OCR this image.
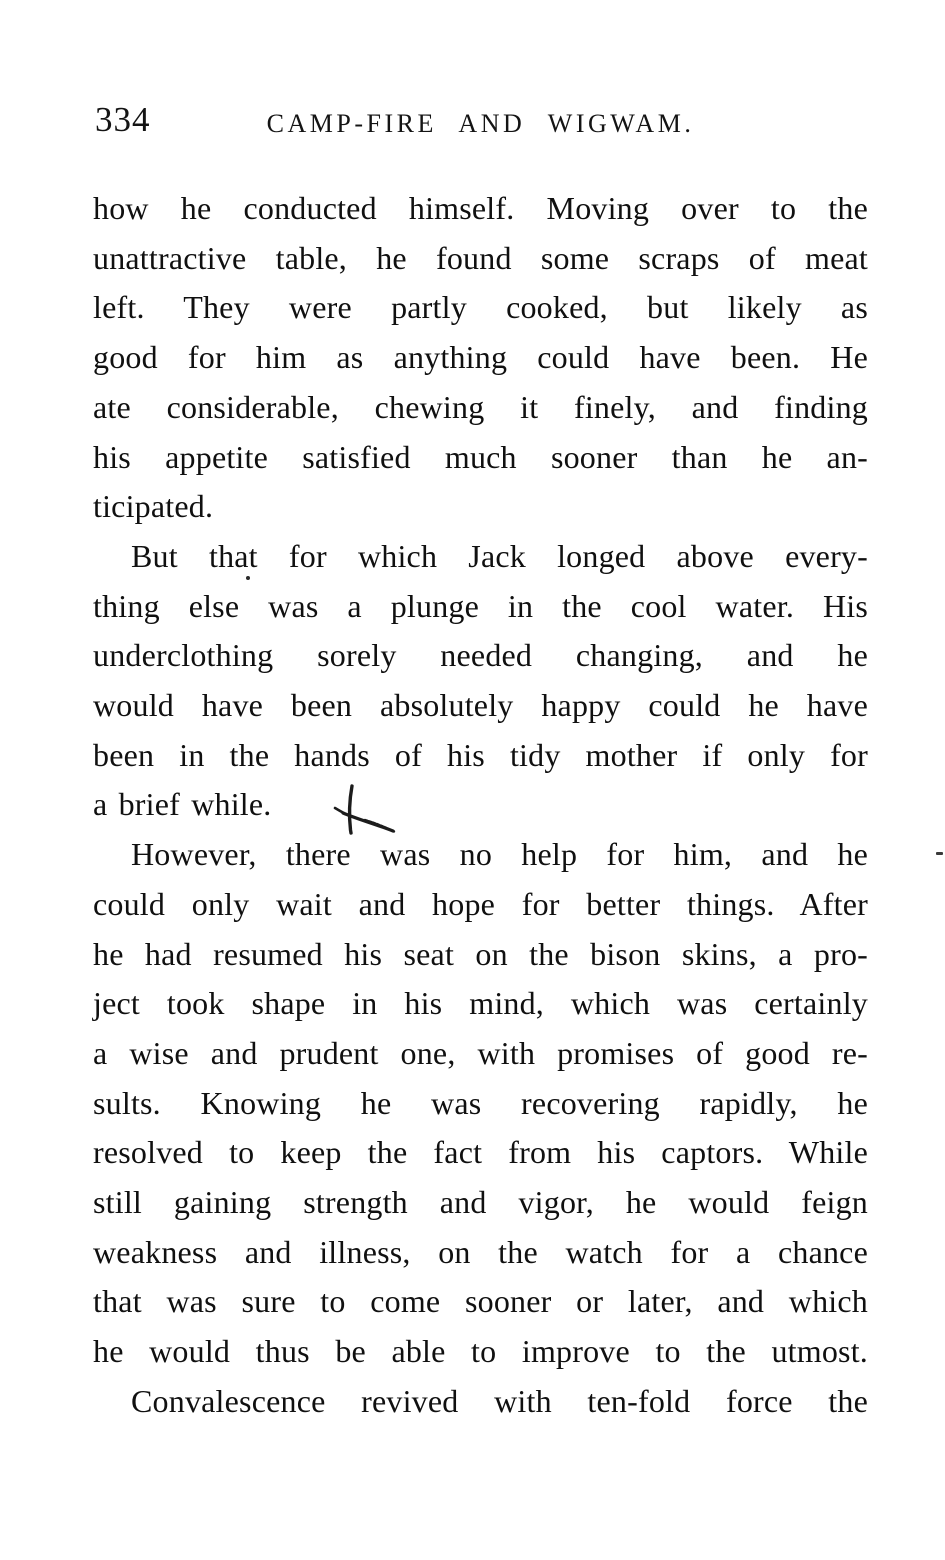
334	CAMP-FIRE AND WIGWAM.
how he conducted himself. Moving over to the
unattractive table, he found some scraps of meat
left. They were partly cooked, but likely as
good for him as anything could have been. He
ate considerable, chewing it finely, and finding
his appetite satisfied much sooner than he an-
ticipated.
But that for which Jack longed above every-
thing else was a plunge in the cool water. His
underclothing sorely needed changing, and he
would have been absolutely happy could he have
been in the hands of his tidy mother if only for
a brief while.
However, there was no help for him, and he
could only wait and hope for better things. After
he had resumed his seat on the bison skins, a pro-
ject took shape in his mind, which was certainly
a wise and prudent one, with promises of good re-
sults. Knowing he was recovering rapidly, he
resolved to keep the fact from his captors. While
still gaining strength and vigor, he would feign
weakness and illness, on the watch for a chance
that was sure to come sooner or later, and which
he would thus be able to improve to the utmost.
Convalescence revived with ten-fold force the
